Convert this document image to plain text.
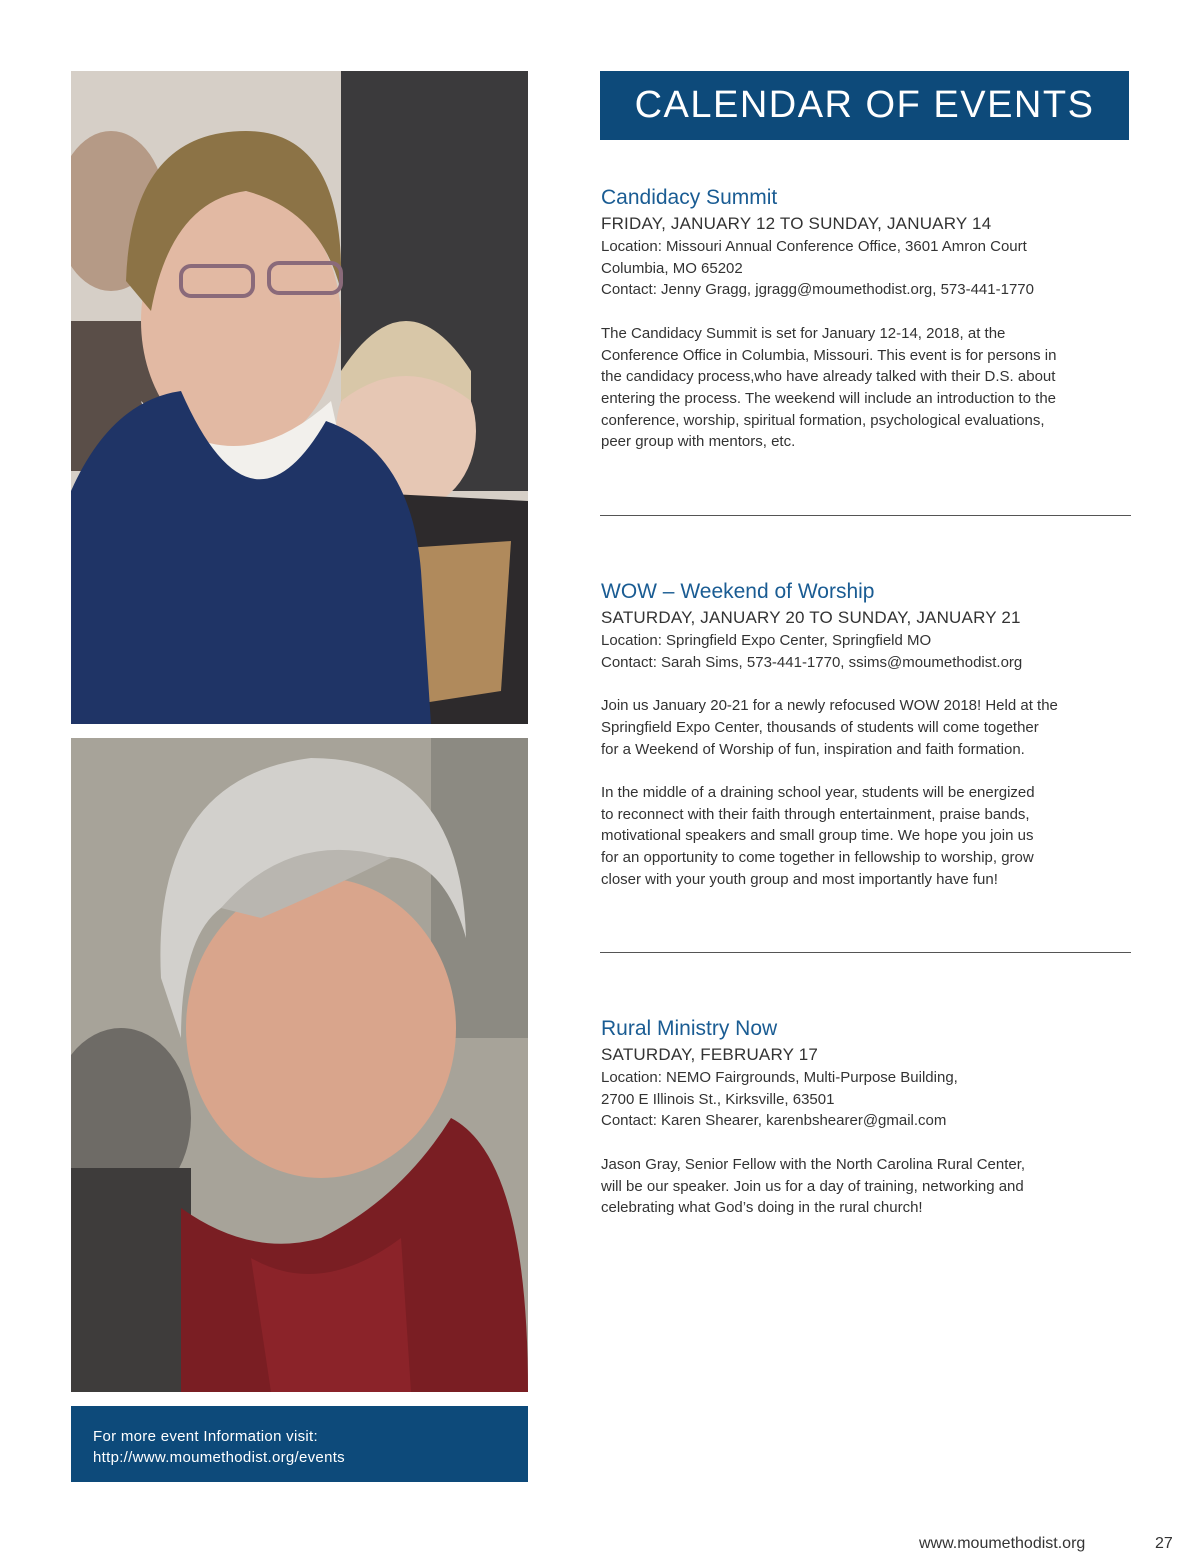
For more event Information visit:
http://www.moumethodist.org/events
CALENDAR OF EVENTS
Candidacy Summit
FRIDAY, JANUARY 12 TO SUNDAY, JANUARY 14
Location: Missouri Annual Conference Office, 3601 Amron Court
Columbia, MO 65202
Contact: Jenny Gragg, jgragg@moumethodist.org, 573-441-1770
The Candidacy Summit is set for January 12-14, 2018, at the
Conference Office in Columbia, Missouri. This event is for persons in
the candidacy process,who have already talked with their D.S. about
entering the process. The weekend will include an introduction to the
conference, worship, spiritual formation, psychological evaluations,
peer group with mentors, etc.
WOW – Weekend of Worship
SATURDAY, JANUARY 20 TO SUNDAY, JANUARY 21
Location: Springfield Expo Center, Springfield MO
Contact: Sarah Sims, 573-441-1770, ssims@moumethodist.org
Join us January 20-21 for a newly refocused WOW 2018! Held at the
Springfield Expo Center, thousands of students will come together
for a Weekend of Worship of fun, inspiration and faith formation.
In the middle of a draining school year, students will be energized
to reconnect with their faith through entertainment, praise bands,
motivational speakers and small group time. We hope you join us
for an opportunity to come together in fellowship to worship, grow
closer with your youth group and most importantly have fun!
Rural Ministry Now
SATURDAY, FEBRUARY 17
Location: NEMO Fairgrounds, Multi-Purpose Building,
2700 E Illinois St., Kirksville, 63501
Contact: Karen Shearer, karenbshearer@gmail.com
Jason Gray, Senior Fellow with the North Carolina Rural Center,
will be our speaker. Join us for a day of training, networking and
celebrating what God’s doing in the rural church!
www.moumethodist.org	27
